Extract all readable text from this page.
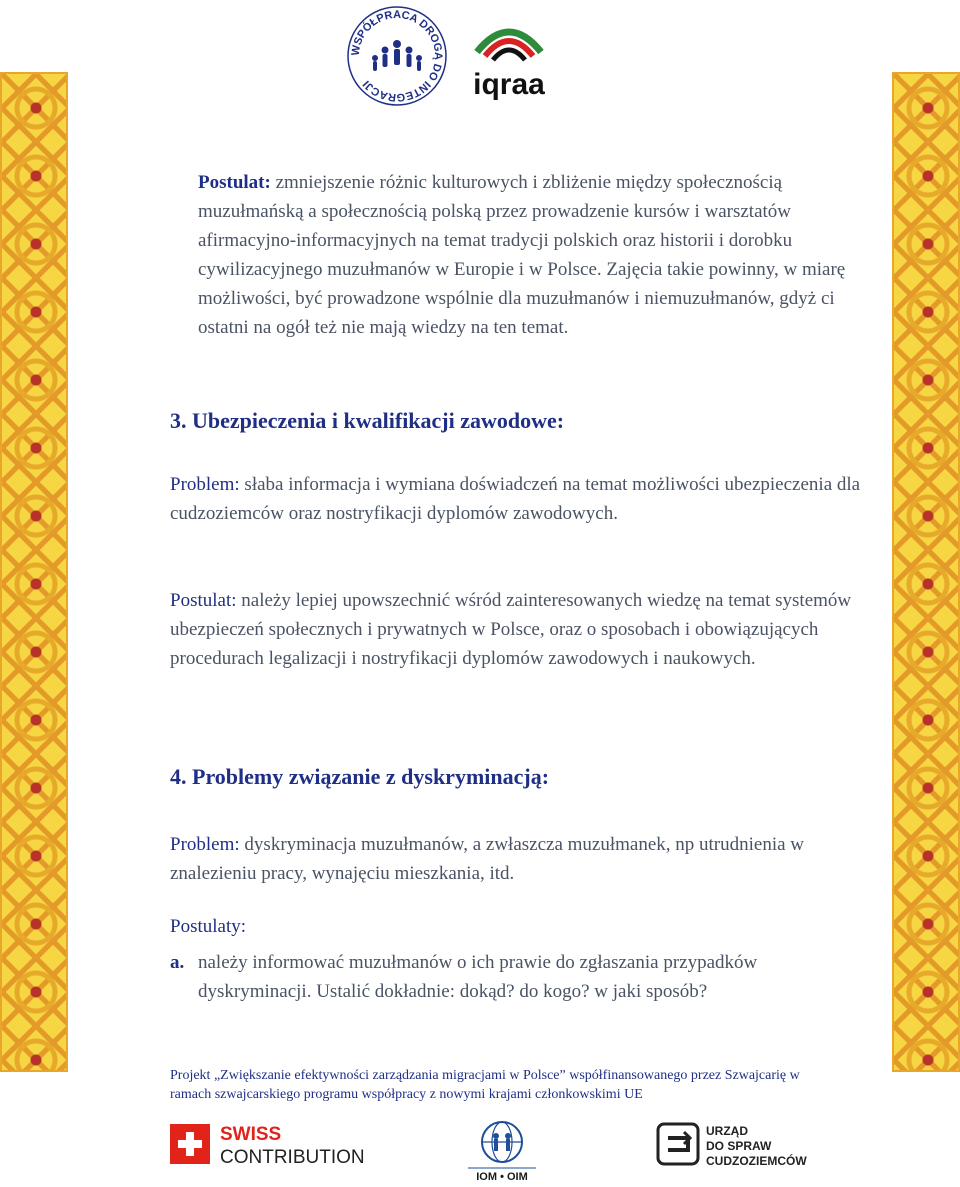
WSPÓŁPRACA DROGĄ DO INTEGRACJI	iqraa

Postulat: zmniejszenie różnic kulturowych i zbliżenie między społecznością muzułmańską a społecznością polską przez prowadzenie kursów i warsztatów afirmacyjno-informacyjnych na temat tradycji polskich oraz historii i dorobku cywilizacyjnego muzułmanów w Europie i w Polsce. Zajęcia takie powinny, w miarę możliwości, być prowadzone wspólnie dla muzułmanów i niemuzułmanów, gdyż ci ostatni na ogół też nie mają wiedzy na ten temat.

3. Ubezpieczenia i kwalifikacji zawodowe:

Problem: słaba informacja i wymiana doświadczeń na temat możliwości ubezpieczenia dla cudzoziemców oraz nostryfikacji dyplomów zawodowych.

Postulat: należy lepiej upowszechnić wśród zainteresowanych wiedzę na temat systemów ubezpieczeń społecznych i prywatnych w Polsce, oraz o sposobach i obowiązujących procedurach legalizacji i nostryfikacji dyplomów zawodowych i naukowych.

4. Problemy związanie z dyskryminacją:

Problem: dyskryminacja muzułmanów, a zwłaszcza muzułmanek, np utrudnienia w znalezieniu pracy, wynajęciu mieszkania, itd.

Postulaty:
a. należy informować muzułmanów o ich prawie do zgłaszania przypadków dyskryminacji. Ustalić dokładnie: dokąd? do kogo? w jaki sposób?
Projekt „Zwiększanie efektywności zarządzania migracjami w Polsce” współfinansowanego przez Szwajcarię w ramach szwajcarskiego programu współpracy z nowymi krajami członkowskimi UE
SWISS
CONTRIBUTION
IOM • OIM
URZĄD
DO SPRAW
CUDZOZIEMCÓW
